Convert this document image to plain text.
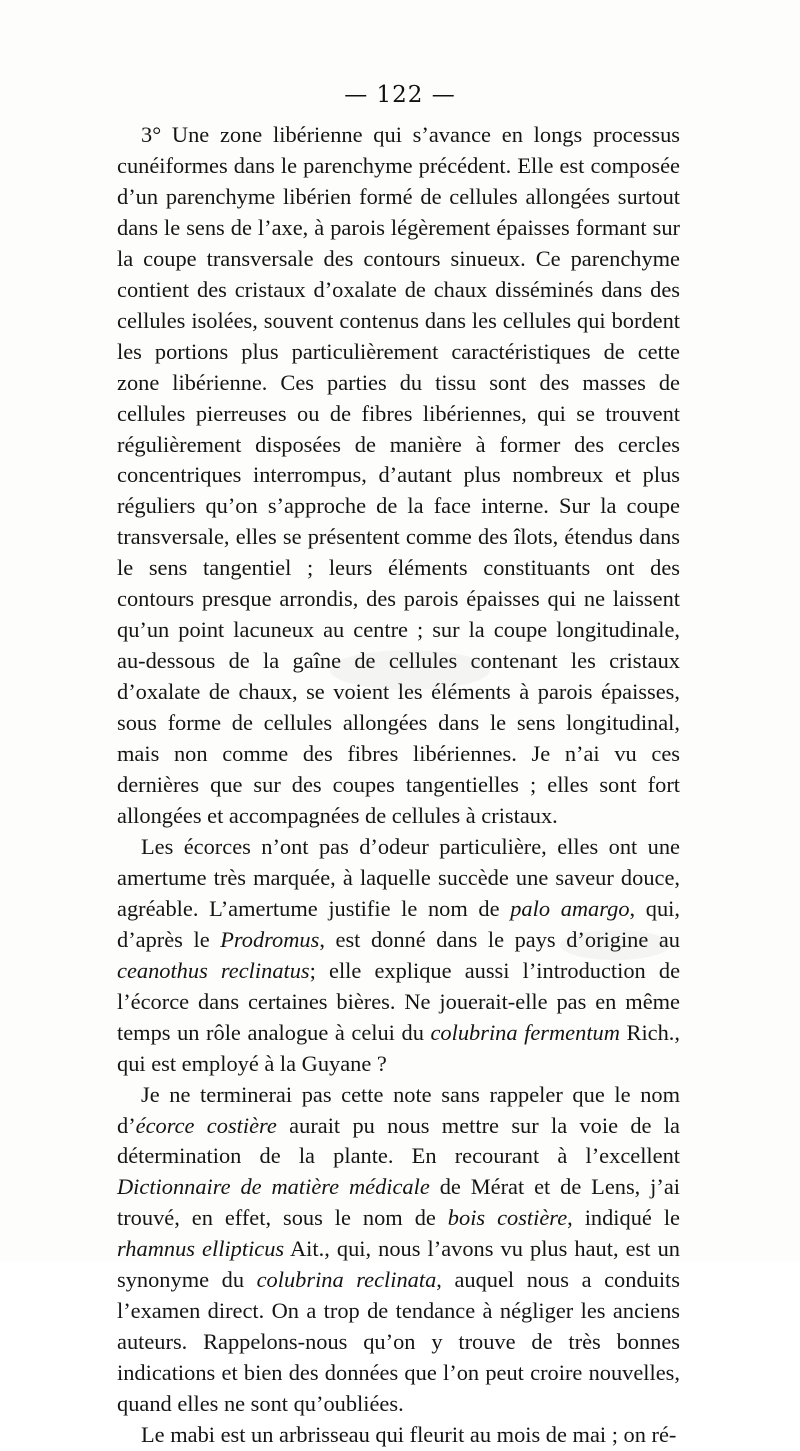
— 122 —

3° Une zone libérienne qui s’avance en longs processus cunéiformes dans le parenchyme précédent. Elle est composée d’un parenchyme libérien formé de cellules allongées surtout dans le sens de l’axe, à parois légèrement épaisses formant sur la coupe transversale des contours sinueux. Ce parenchyme contient des cristaux d’oxalate de chaux disséminés dans des cellules isolées, souvent contenus dans les cellules qui bordent les portions plus particulièrement caractéristiques de cette zone libérienne. Ces parties du tissu sont des masses de cellules pierreuses ou de fibres libériennes, qui se trouvent régulièrement disposées de manière à former des cercles concentriques interrompus, d’autant plus nombreux et plus réguliers qu’on s’approche de la face interne. Sur la coupe transversale, elles se présentent comme des îlots, étendus dans le sens tangentiel ; leurs éléments constituants ont des contours presque arrondis, des parois épaisses qui ne laissent qu’un point lacuneux au centre ; sur la coupe longitudinale, au-dessous de la gaîne de cellules contenant les cristaux d’oxalate de chaux, se voient les éléments à parois épaisses, sous forme de cellules allongées dans le sens longitudinal, mais non comme des fibres libériennes. Je n’ai vu ces dernières que sur des coupes tangentielles ; elles sont fort allongées et accompagnées de cellules à cristaux.

Les écorces n’ont pas d’odeur particulière, elles ont une amertume très marquée, à laquelle succède une saveur douce, agréable. L’amertume justifie le nom de palo amargo, qui, d’après le Prodromus, est donné dans le pays d’origine au ceanothus reclinatus; elle explique aussi l’introduction de l’écorce dans certaines bières. Ne jouerait-elle pas en même temps un rôle analogue à celui du colubrina fermentum Rich., qui est employé à la Guyane ?

Je ne terminerai pas cette note sans rappeler que le nom d’écorce costière aurait pu nous mettre sur la voie de la détermination de la plante. En recourant à l’excellent Dictionnaire de matière médicale de Mérat et de Lens, j’ai trouvé, en effet, sous le nom de bois costière, indiqué le rhamnus ellipticus Ait., qui, nous l’avons vu plus haut, est un synonyme du colubrina reclinata, auquel nous a conduits l’examen direct. On a trop de tendance à négliger les anciens auteurs. Rappelons-nous qu’on y trouve de très bonnes indications et bien des données que l’on peut croire nouvelles, quand elles ne sont qu’oubliées.

Le mabi est un arbrisseau qui fleurit au mois de mai ; on ré-
